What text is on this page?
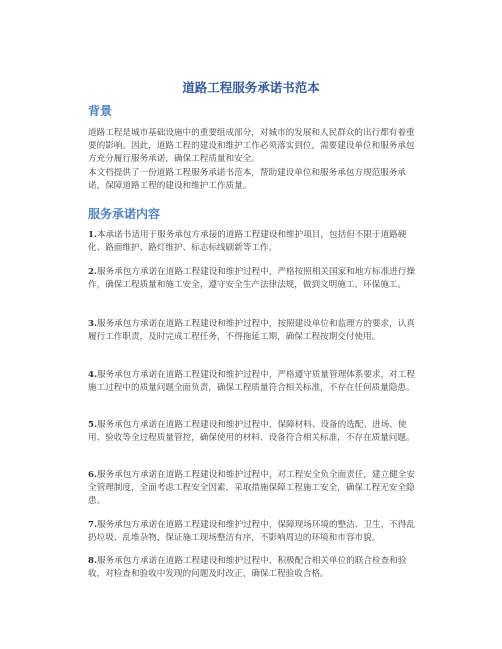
道路工程服务承诺书范本
背景

道路工程是城市基础设施中的重要组成部分，对城市的发展和人民群众的出行都有着重要的影响。因此，道路工程的建设和维护工作必须落实到位，需要建设单位和服务承包方充分履行服务承诺，确保工程质量和安全。

本文档提供了一份道路工程服务承诺书范本，帮助建设单位和服务承包方规范服务承诺，保障道路工程的建设和维护工作质量。

服务承诺内容

1.本承诺书适用于服务承包方承接的道路工程建设和维护项目，包括但不限于道路硬化、路面维护、路灯维护、标志标线刷新等工作。

2.服务承包方承诺在道路工程建设和维护过程中，严格按照相关国家和地方标准进行操作，确保工程质量和施工安全，遵守安全生产法律法规，做到文明施工、环保施工。

3.服务承包方承诺在道路工程建设和维护过程中，按照建设单位和监理方的要求，认真履行工作职责，及时完成工程任务，不得拖延工期，确保工程按期交付使用。

4.服务承包方承诺在道路工程建设和维护过程中，严格遵守质量管理体系要求，对工程施工过程中的质量问题全面负责，确保工程质量符合相关标准，不存在任何质量隐患。

5.服务承包方承诺在道路工程建设和维护过程中，保障材料、设备的选配、进场、使用、验收等全过程质量管控，确保使用的材料、设备符合相关标准，不存在质量问题。

6.服务承包方承诺在道路工程建设和维护过程中，对工程安全负全面责任，建立健全安全管理制度，全面考虑工程安全因素，采取措施保障工程施工安全，确保工程无安全隐患。

7.服务承包方承诺在道路工程建设和维护过程中，保障现场环境的整洁、卫生，不得乱扔垃圾、乱堆杂物，保证施工现场整洁有序，不影响周边的环境和市容市貌。

8.服务承包方承诺在道路工程建设和维护过程中，积极配合相关单位的联合检查和验收，对检查和验收中发现的问题及时改正，确保工程验收合格。
